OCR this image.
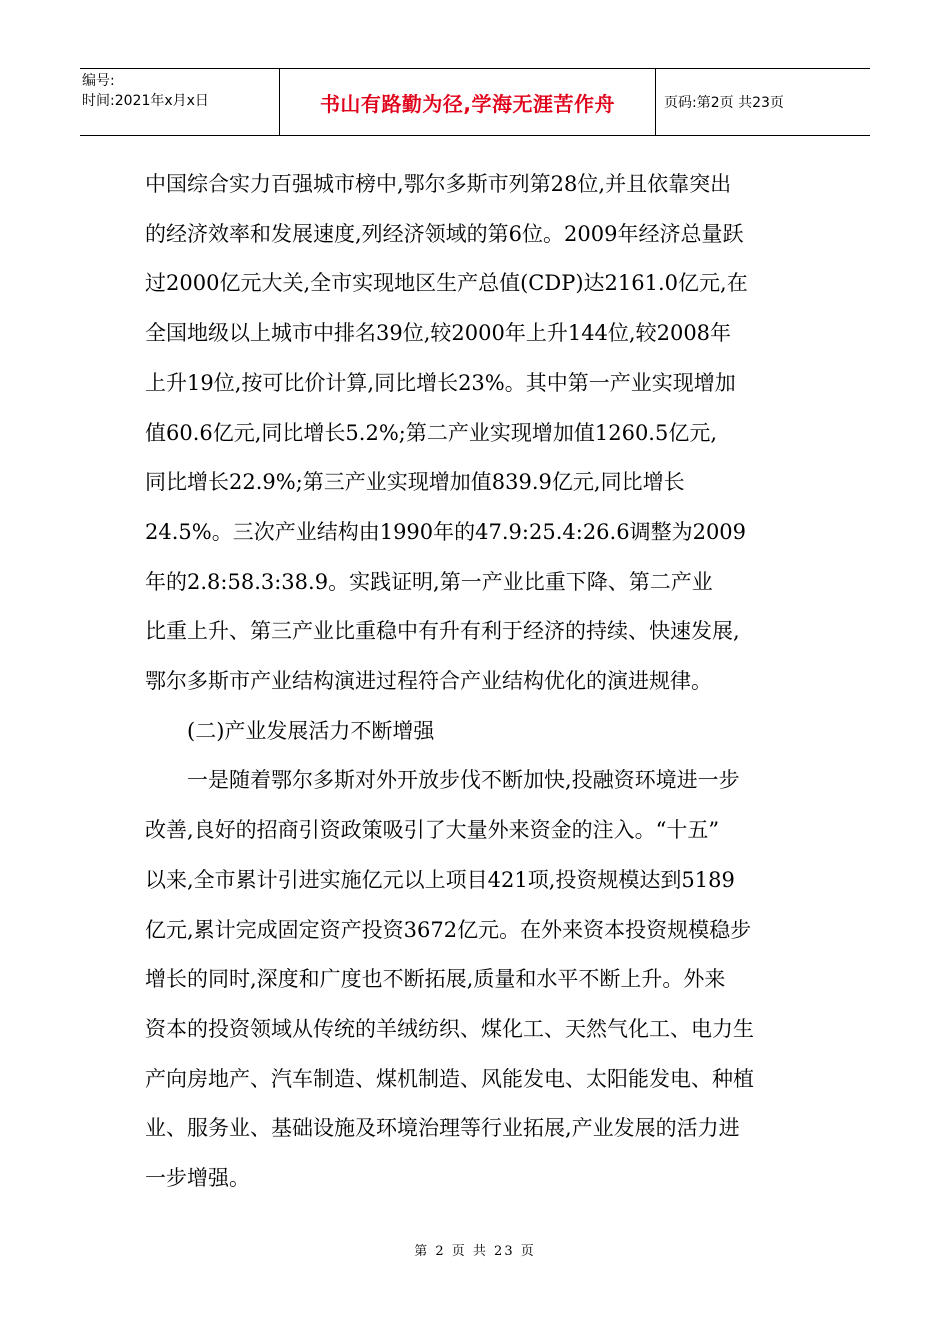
编号:
时间:2021年x月x日	书山有路勤为径,学海无涯苦作舟	页码:第2页 共23页

中国综合实力百强城市榜中,鄂尔多斯市列第28位,并且依靠突出
的经济效率和发展速度,列经济领域的第6位。2009年经济总量跃
过2000亿元大关,全市实现地区生产总值(CDP)达2161.0亿元,在
全国地级以上城市中排名39位,较2000年上升144位,较2008年
上升19位,按可比价计算,同比增长23%。其中第一产业实现增加
值60.6亿元,同比增长5.2%;第二产业实现增加值1260.5亿元,
同比增长22.9%;第三产业实现增加值839.9亿元,同比增长
24.5%。三次产业结构由1990年的47.9:25.4:26.6调整为2009
年的2.8:58.3:38.9。实践证明,第一产业比重下降、第二产业
比重上升、第三产业比重稳中有升有利于经济的持续、快速发展,
鄂尔多斯市产业结构演进过程符合产业结构优化的演进规律。

(二)产业发展活力不断增强

一是随着鄂尔多斯对外开放步伐不断加快,投融资环境进一步
改善,良好的招商引资政策吸引了大量外来资金的注入。“十五”
以来,全市累计引进实施亿元以上项目421项,投资规模达到5189
亿元,累计完成固定资产投资3672亿元。在外来资本投资规模稳步
增长的同时,深度和广度也不断拓展,质量和水平不断上升。外来
资本的投资领域从传统的羊绒纺织、煤化工、天然气化工、电力生
产向房地产、汽车制造、煤机制造、风能发电、太阳能发电、种植
业、服务业、基础设施及环境治理等行业拓展,产业发展的活力进
一步增强。

第 2 页 共 23 页
